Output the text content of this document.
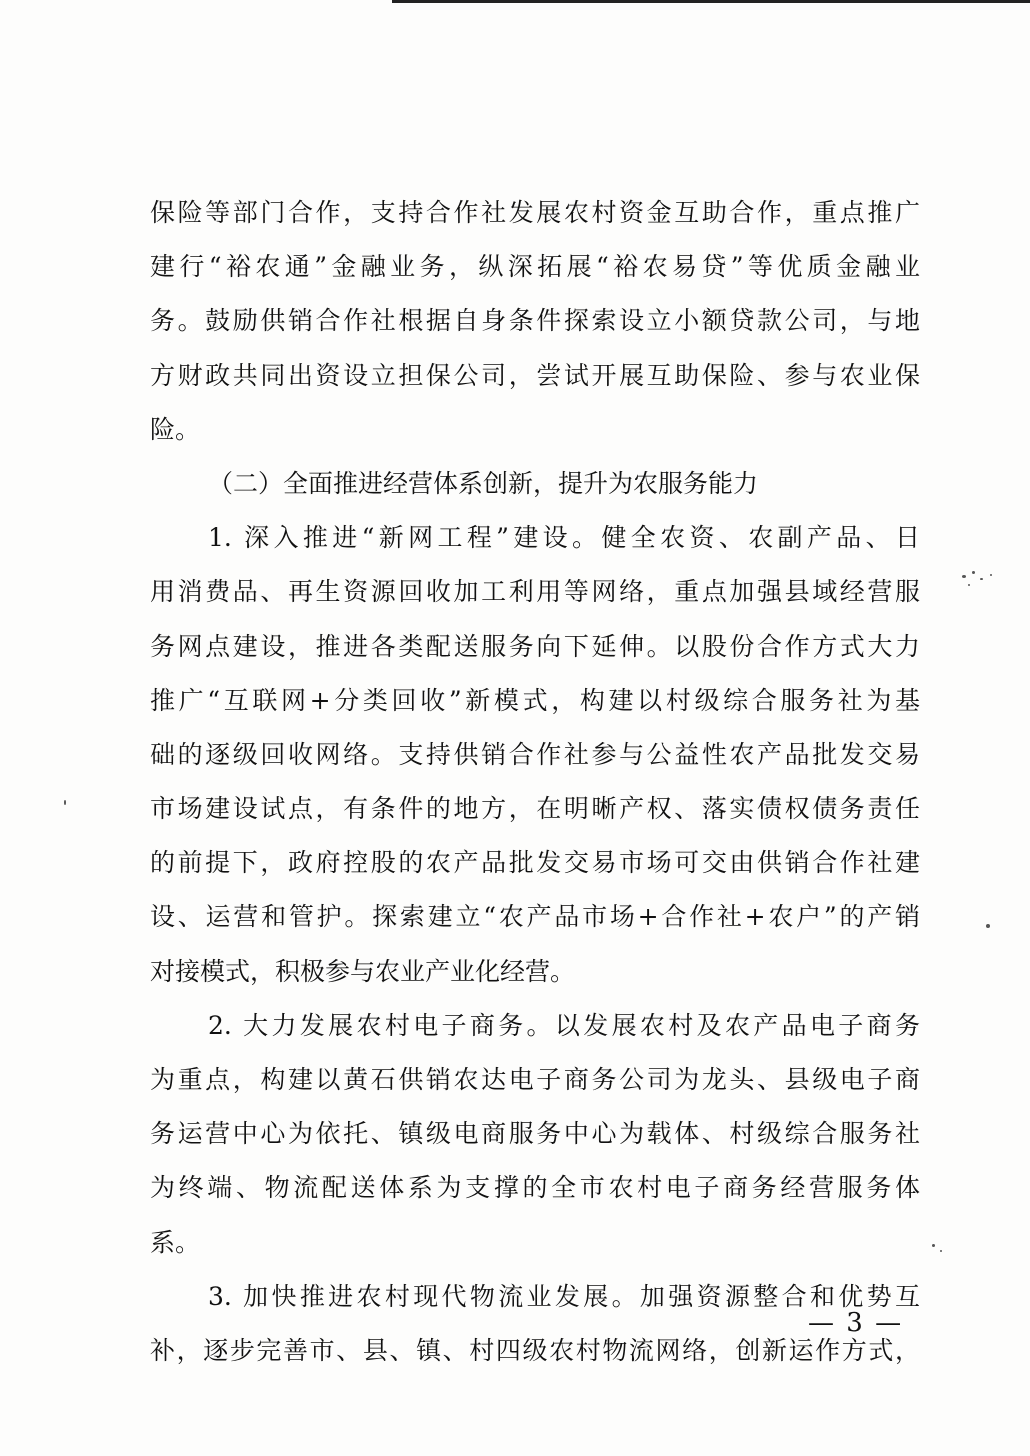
保险等部门合作，支持合作社发展农村资金互助合作，重点推广
建行“裕农通”金融业务，纵深拓展“裕农易贷”等优质金融业
务。鼓励供销合作社根据自身条件探索设立小额贷款公司，与地
方财政共同出资设立担保公司，尝试开展互助保险、参与农业保
险。
（二）全面推进经营体系创新，提升为农服务能力
1. 深入推进“新网工程”建设。健全农资、农副产品、日
用消费品、再生资源回收加工利用等网络，重点加强县域经营服
务网点建设，推进各类配送服务向下延伸。以股份合作方式大力
推广“互联网+分类回收”新模式，构建以村级综合服务社为基
础的逐级回收网络。支持供销合作社参与公益性农产品批发交易
市场建设试点，有条件的地方，在明晰产权、落实债权债务责任
的前提下，政府控股的农产品批发交易市场可交由供销合作社建
设、运营和管护。探索建立“农产品市场+合作社+农户”的产销
对接模式，积极参与农业产业化经营。
2. 大力发展农村电子商务。以发展农村及农产品电子商务
为重点，构建以黄石供销农达电子商务公司为龙头、县级电子商
务运营中心为依托、镇级电商服务中心为载体、村级综合服务社
为终端、物流配送体系为支撑的全市农村电子商务经营服务体
系。
3. 加快推进农村现代物流业发展。加强资源整合和优势互
补，逐步完善市、县、镇、村四级农村物流网络，创新运作方式，
— 3 —
